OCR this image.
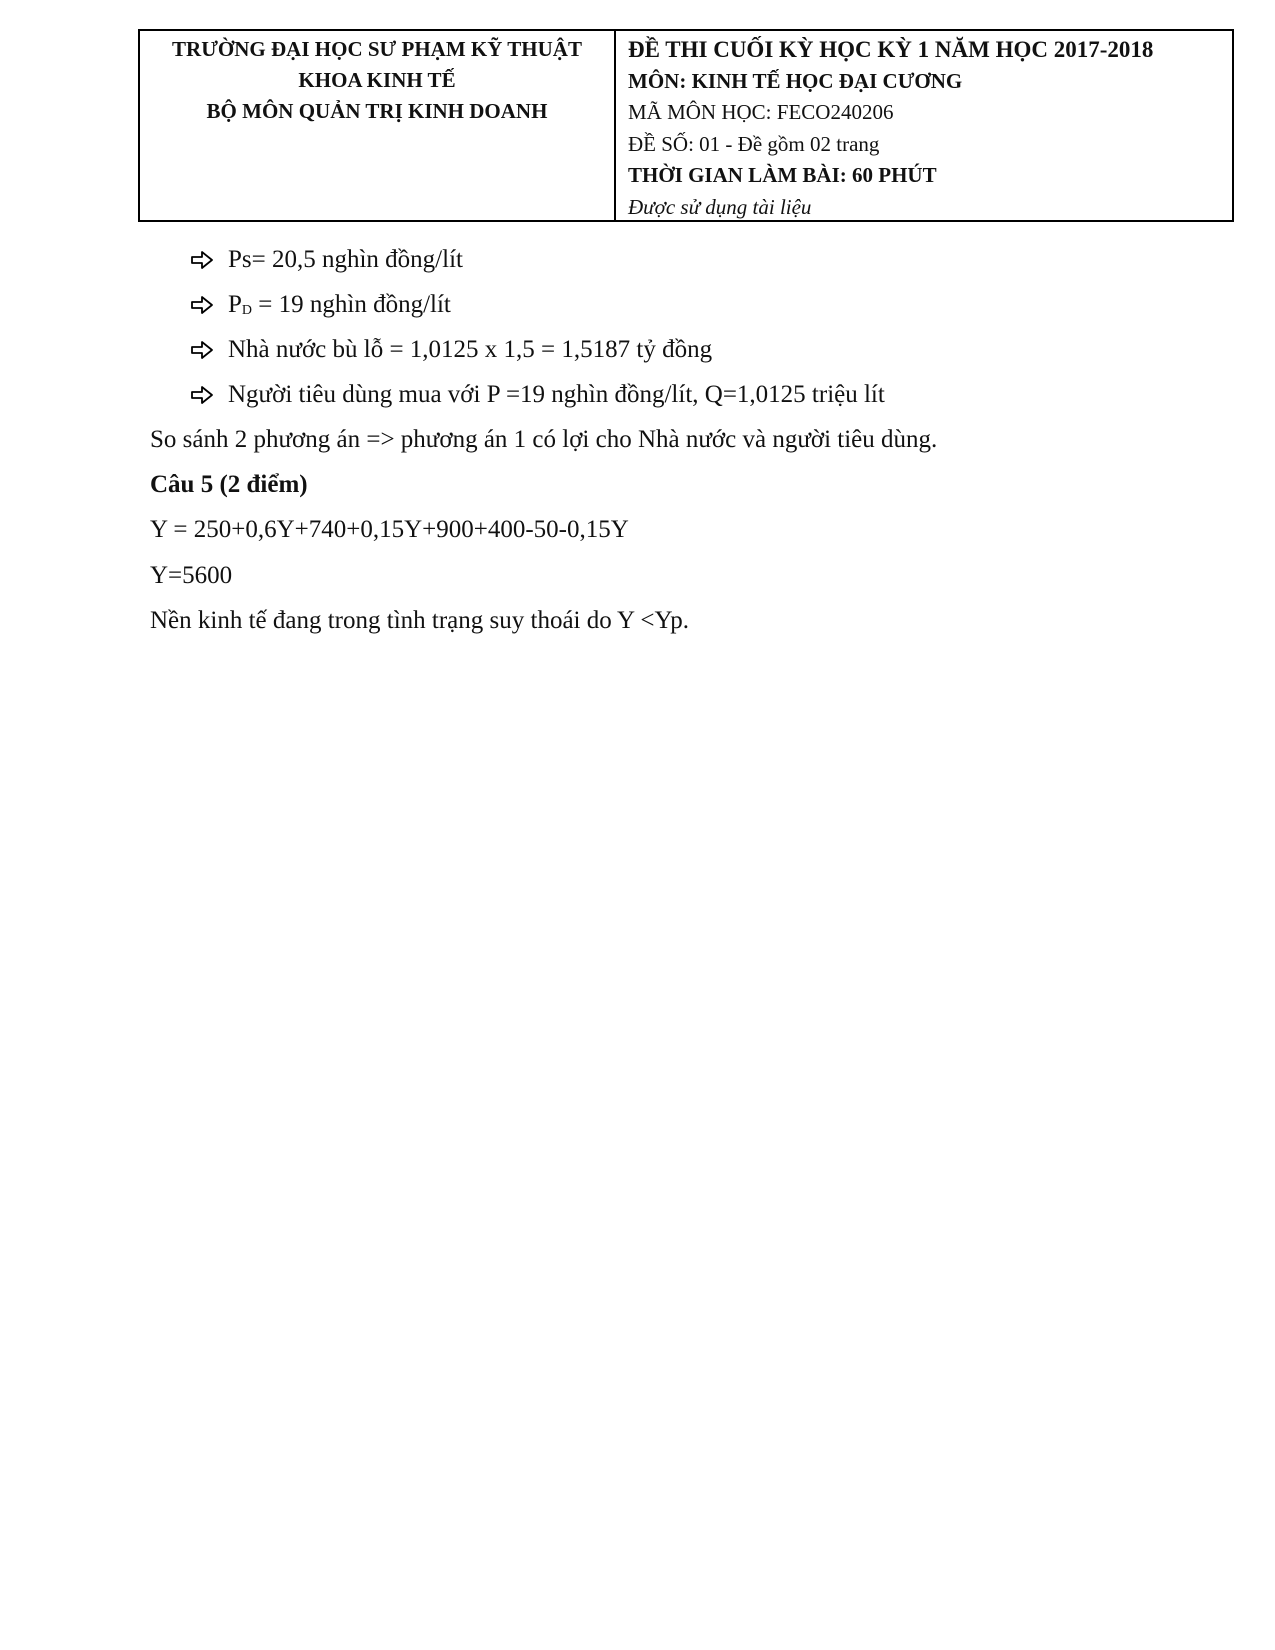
TRƯỜNG ĐẠI HỌC SƯ PHẠM KỸ THUẬT
KHOA KINH TẾ
BỘ MÔN QUẢN TRỊ KINH DOANH
ĐỀ THI CUỐI KỲ HỌC KỲ 1 NĂM HỌC 2017-2018
MÔN: KINH TẾ HỌC ĐẠI CƯƠNG
MÃ MÔN HỌC: FECO240206
ĐỀ SỐ: 01 - Đề gồm 02 trang
THỜI GIAN LÀM BÀI: 60 PHÚT
Được sử dụng tài liệu
Ps= 20,5 nghìn đồng/lít
$P_D = 19$ nghìn đồng/lít
Nhà nước bù lỗ = 1,0125 x 1,5 = 1,5187 tỷ đồng
Người tiêu dùng mua với P =19 nghìn đồng/lít, Q=1,0125 triệu lít
So sánh 2 phương án => phương án 1 có lợi cho Nhà nước và người tiêu dùng.
Câu 5 (2 điểm)
Y = 250+0,6Y+740+0,15Y+900+400-50-0,15Y
Y=5600
Nền kinh tế đang trong tình trạng suy thoái do Y <Yp.
